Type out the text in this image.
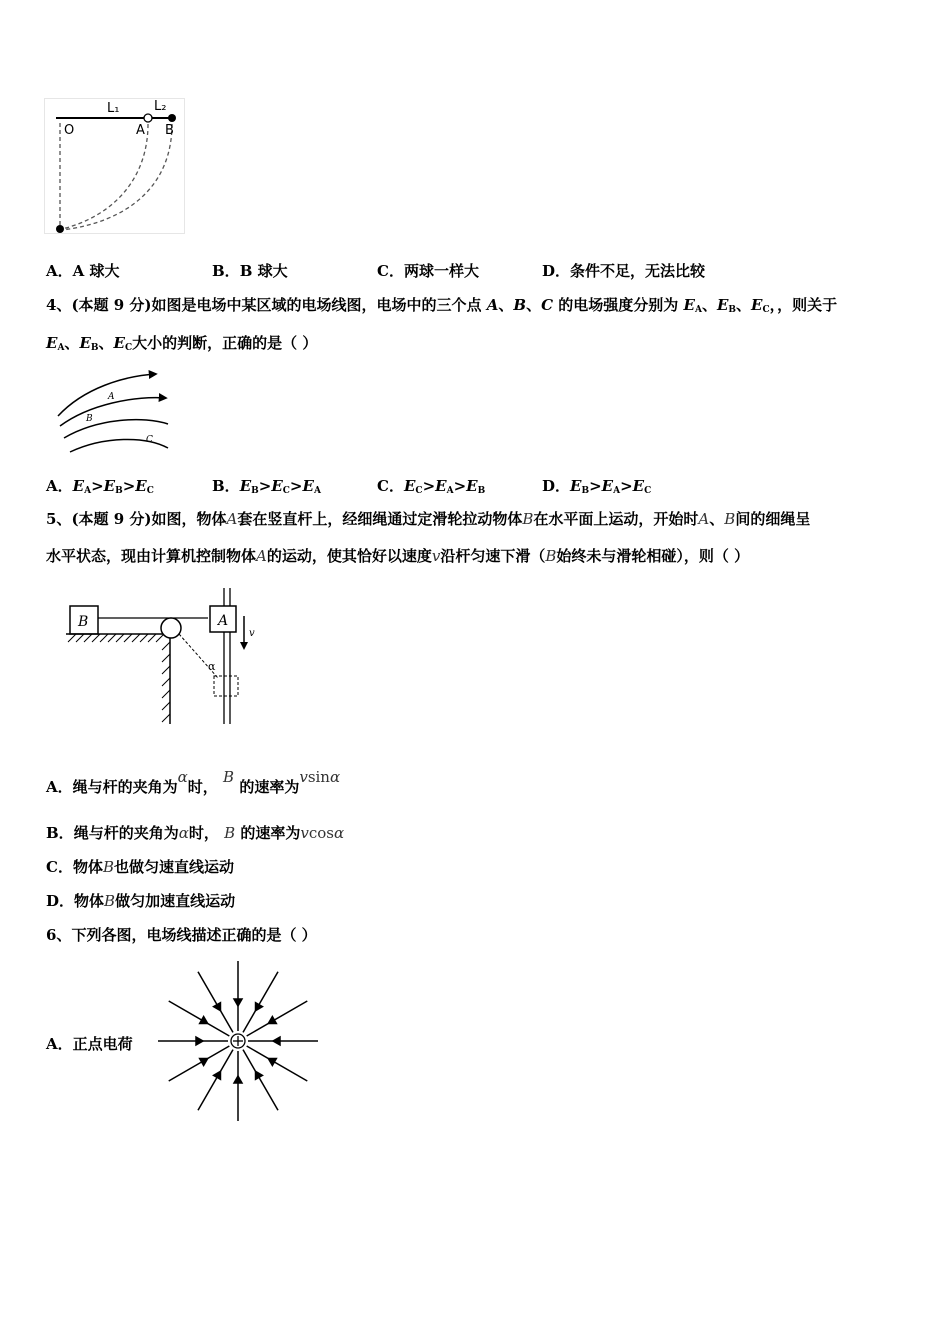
L₁	L₂
O	A B
A．A 球大	B．B 球大	C．两球一样大	D．条件不足，无法比较
4、(本题 9 分)如图是电场中某区域的电场线图，电场中的三个点 A、B、C 的电场强度分别为 $E_A$、$E_B$、$E_C$，，则关于
$E_A$、$E_B$、$E_C$大小的判断，正确的是（ ）
A
B
C
A．$E_A>E_B>E_C$	B．$E_B>E_C>E_A$	C．$E_C>E_A>E_B$	D．$E_B>E_A>E_C$
5、(本题 9 分)如图，物体A套在竖直杆上，经细绳通过定滑轮拉动物体B在水平面上运动，开始时A、B间的细绳呈
水平状态，现由计算机控制物体A的运动，使其恰好以速度v沿杆匀速下滑（B始终未与滑轮相碰），则（ ）
B	A
v
α
A．绳与杆的夹角为α时， B 的速率为vsinα
B．绳与杆的夹角为α时， B 的速率为vcosα
C．物体B也做匀速直线运动
D．物体B做匀加速直线运动
6、下列各图，电场线描述正确的是（ ）
A．正点电荷
